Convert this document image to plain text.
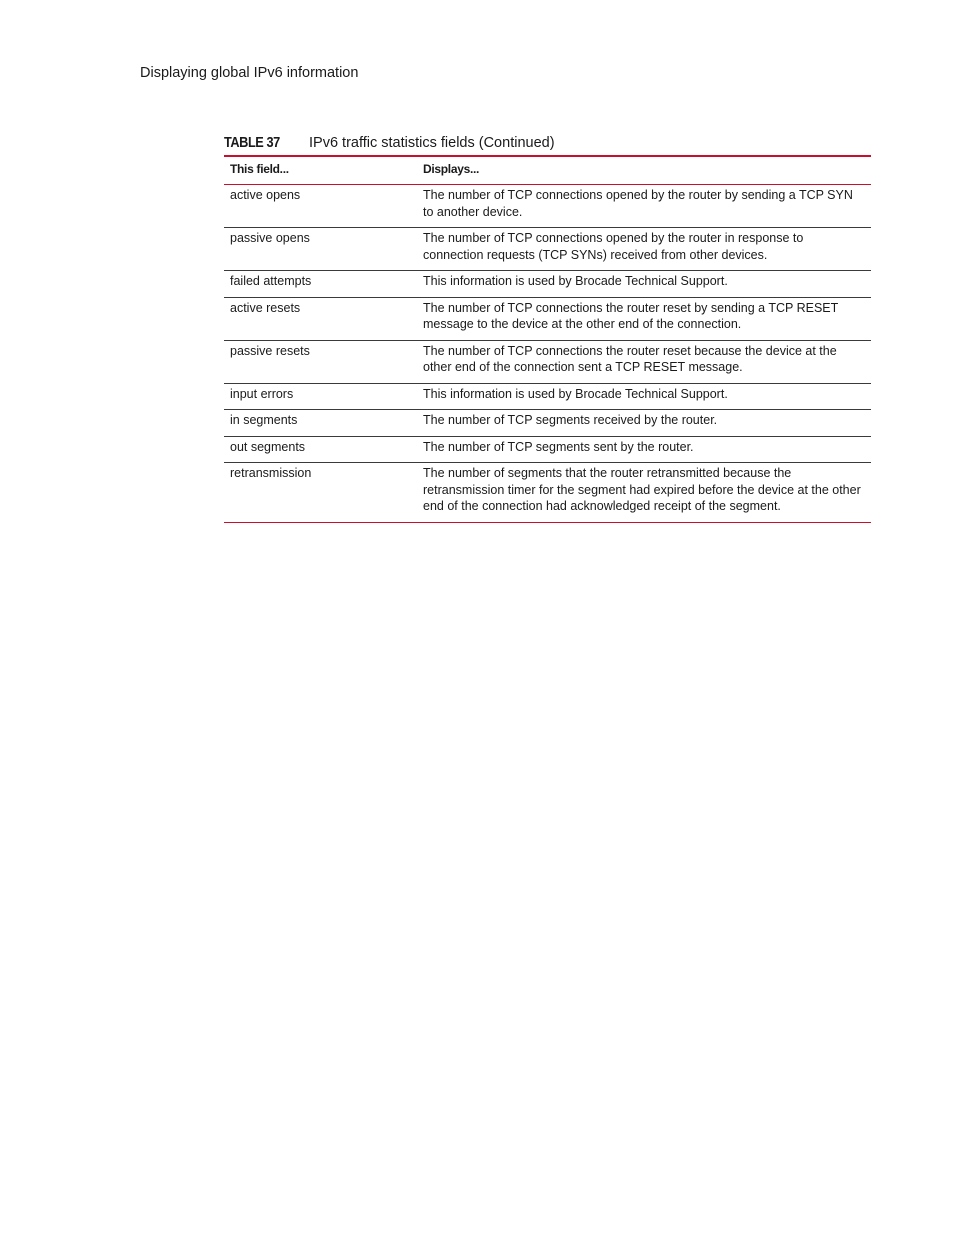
Displaying global IPv6 information
TABLE 37	IPv6 traffic statistics fields (Continued)
This field...	Displays...
active opens	The number of TCP connections opened by the router by sending a TCP SYN to another device.
passive opens	The number of TCP connections opened by the router in response to connection requests (TCP SYNs) received from other devices.
failed attempts	This information is used by Brocade Technical Support.
active resets	The number of TCP connections the router reset by sending a TCP RESET message to the device at the other end of the connection.
passive resets	The number of TCP connections the router reset because the device at the other end of the connection sent a TCP RESET message.
input errors	This information is used by Brocade Technical Support.
in segments	The number of TCP segments received by the router.
out segments	The number of TCP segments sent by the router.
retransmission	The number of segments that the router retransmitted because the retransmission timer for the segment had expired before the device at the other end of the connection had acknowledged receipt of the segment.
